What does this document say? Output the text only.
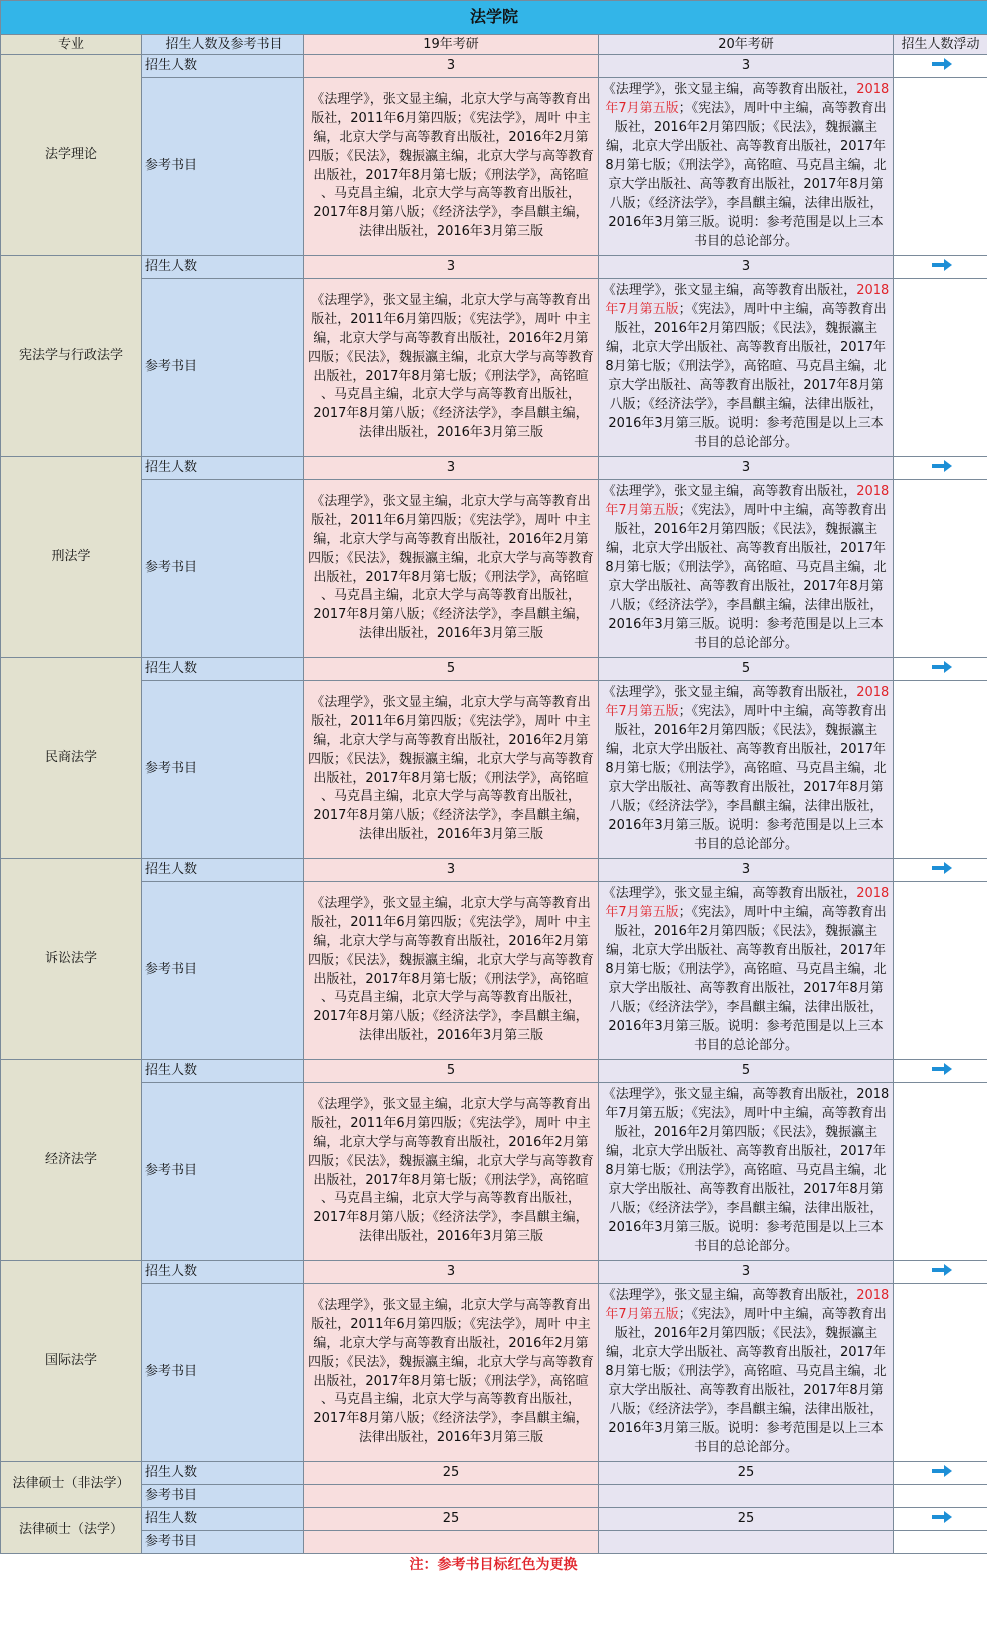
法学院				
专业	招生人数及参考书目	19年考研	20年考研	招生人数浮动
法学理论	招生人数	3	3	
	参考书目	《法理学》，张文显主编，北京大学与高等教育出版社，2011年6月第四版；《宪法学》，周叶 中主编，北京大学与高等教育出版社，2016年2月第四版；《民法》，魏振瀛主编，北京大学与高等教育出版社，2017年8月第七版；《刑法学》，高铭暄 、马克昌主编，北京大学与高等教育出版社，2017年8月第八版；《经济法学》，李昌麒主编， 法律出版社，2016年3月第三版	《法理学》，张文显主编，高等教育出版社，2018年7月第五版；《宪法》，周叶中主编，高等教育出版社，2016年2月第四版；《民法》，魏振瀛主编，北京大学出版社、高等教育出版社，2017年8月第七版；《刑法学》，高铭暄、马克昌主编，北京大学出版社、高等教育出版社，2017年8月第八版；《经济法学》，李昌麒主编，法律出版社，2016年3月第三版。说明：参考范围是以上三本书目的总论部分。	
宪法学与行政法学	招生人数	3	3	
	参考书目	《法理学》，张文显主编，北京大学与高等教育出版社，2011年6月第四版；《宪法学》，周叶 中主编，北京大学与高等教育出版社，2016年2月第四版；《民法》，魏振瀛主编，北京大学与高等教育出版社，2017年8月第七版；《刑法学》，高铭暄 、马克昌主编，北京大学与高等教育出版社，2017年8月第八版；《经济法学》，李昌麒主编， 法律出版社，2016年3月第三版	《法理学》，张文显主编，高等教育出版社，2018年7月第五版；《宪法》，周叶中主编，高等教育出版社，2016年2月第四版；《民法》，魏振瀛主编，北京大学出版社、高等教育出版社，2017年8月第七版；《刑法学》，高铭暄、马克昌主编，北京大学出版社、高等教育出版社，2017年8月第八版；《经济法学》，李昌麒主编，法律出版社，2016年3月第三版。说明：参考范围是以上三本书目的总论部分。	
刑法学	招生人数	3	3	
	参考书目	《法理学》，张文显主编，北京大学与高等教育出版社，2011年6月第四版；《宪法学》，周叶 中主编，北京大学与高等教育出版社，2016年2月第四版；《民法》，魏振瀛主编，北京大学与高等教育出版社，2017年8月第七版；《刑法学》，高铭暄 、马克昌主编，北京大学与高等教育出版社，2017年8月第八版；《经济法学》，李昌麒主编， 法律出版社，2016年3月第三版	《法理学》，张文显主编，高等教育出版社，2018年7月第五版；《宪法》，周叶中主编，高等教育出版社，2016年2月第四版；《民法》，魏振瀛主编，北京大学出版社、高等教育出版社，2017年8月第七版；《刑法学》，高铭暄、马克昌主编，北京大学出版社、高等教育出版社，2017年8月第八版；《经济法学》，李昌麒主编，法律出版社，2016年3月第三版。说明：参考范围是以上三本书目的总论部分。	
民商法学	招生人数	5	5	
	参考书目	《法理学》，张文显主编，北京大学与高等教育出版社，2011年6月第四版；《宪法学》，周叶 中主编，北京大学与高等教育出版社，2016年2月第四版；《民法》，魏振瀛主编，北京大学与高等教育出版社，2017年8月第七版；《刑法学》，高铭暄 、马克昌主编，北京大学与高等教育出版社，2017年8月第八版；《经济法学》，李昌麒主编， 法律出版社，2016年3月第三版	《法理学》，张文显主编，高等教育出版社，2018年7月第五版；《宪法》，周叶中主编，高等教育出版社，2016年2月第四版；《民法》，魏振瀛主编，北京大学出版社、高等教育出版社，2017年8月第七版；《刑法学》，高铭暄、马克昌主编，北京大学出版社、高等教育出版社，2017年8月第八版；《经济法学》，李昌麒主编，法律出版社，2016年3月第三版。说明：参考范围是以上三本书目的总论部分。	
诉讼法学	招生人数	3	3	
	参考书目	《法理学》，张文显主编，北京大学与高等教育出版社，2011年6月第四版；《宪法学》，周叶 中主编，北京大学与高等教育出版社，2016年2月第四版；《民法》，魏振瀛主编，北京大学与高等教育出版社，2017年8月第七版；《刑法学》，高铭暄 、马克昌主编，北京大学与高等教育出版社，2017年8月第八版；《经济法学》，李昌麒主编， 法律出版社，2016年3月第三版	《法理学》，张文显主编，高等教育出版社，2018年7月第五版；《宪法》，周叶中主编，高等教育出版社，2016年2月第四版；《民法》，魏振瀛主编，北京大学出版社、高等教育出版社，2017年8月第七版；《刑法学》，高铭暄、马克昌主编，北京大学出版社、高等教育出版社，2017年8月第八版；《经济法学》，李昌麒主编，法律出版社，2016年3月第三版。说明：参考范围是以上三本书目的总论部分。	
经济法学	招生人数	5	5	
	参考书目	《法理学》，张文显主编，北京大学与高等教育出版社，2011年6月第四版；《宪法学》，周叶 中主编，北京大学与高等教育出版社，2016年2月第四版；《民法》，魏振瀛主编，北京大学与高等教育出版社，2017年8月第七版；《刑法学》，高铭暄 、马克昌主编，北京大学与高等教育出版社，2017年8月第八版；《经济法学》，李昌麒主编， 法律出版社，2016年3月第三版	《法理学》，张文显主编，高等教育出版社，2018年7月第五版；《宪法》，周叶中主编，高等教育出版社，2016年2月第四版；《民法》，魏振瀛主编，北京大学出版社、高等教育出版社，2017年8月第七版；《刑法学》，高铭暄、马克昌主编，北京大学出版社、高等教育出版社，2017年8月第八版；《经济法学》，李昌麒主编，法律出版社，2016年3月第三版。说明：参考范围是以上三本书目的总论部分。	
国际法学	招生人数	3	3	
	参考书目	《法理学》，张文显主编，北京大学与高等教育出版社，2011年6月第四版；《宪法学》，周叶 中主编，北京大学与高等教育出版社，2016年2月第四版；《民法》，魏振瀛主编，北京大学与高等教育出版社，2017年8月第七版；《刑法学》，高铭暄 、马克昌主编，北京大学与高等教育出版社，2017年8月第八版；《经济法学》，李昌麒主编， 法律出版社，2016年3月第三版	《法理学》，张文显主编，高等教育出版社，2018年7月第五版；《宪法》，周叶中主编，高等教育出版社，2016年2月第四版；《民法》，魏振瀛主编，北京大学出版社、高等教育出版社，2017年8月第七版；《刑法学》，高铭暄、马克昌主编，北京大学出版社、高等教育出版社，2017年8月第八版；《经济法学》，李昌麒主编，法律出版社，2016年3月第三版。说明：参考范围是以上三本书目的总论部分。	
法律硕士（非法学）	招生人数	25	25	
	参考书目			
法律硕士（法学）	招生人数	25	25	
	参考书目			
注：参考书目标红色为更换
